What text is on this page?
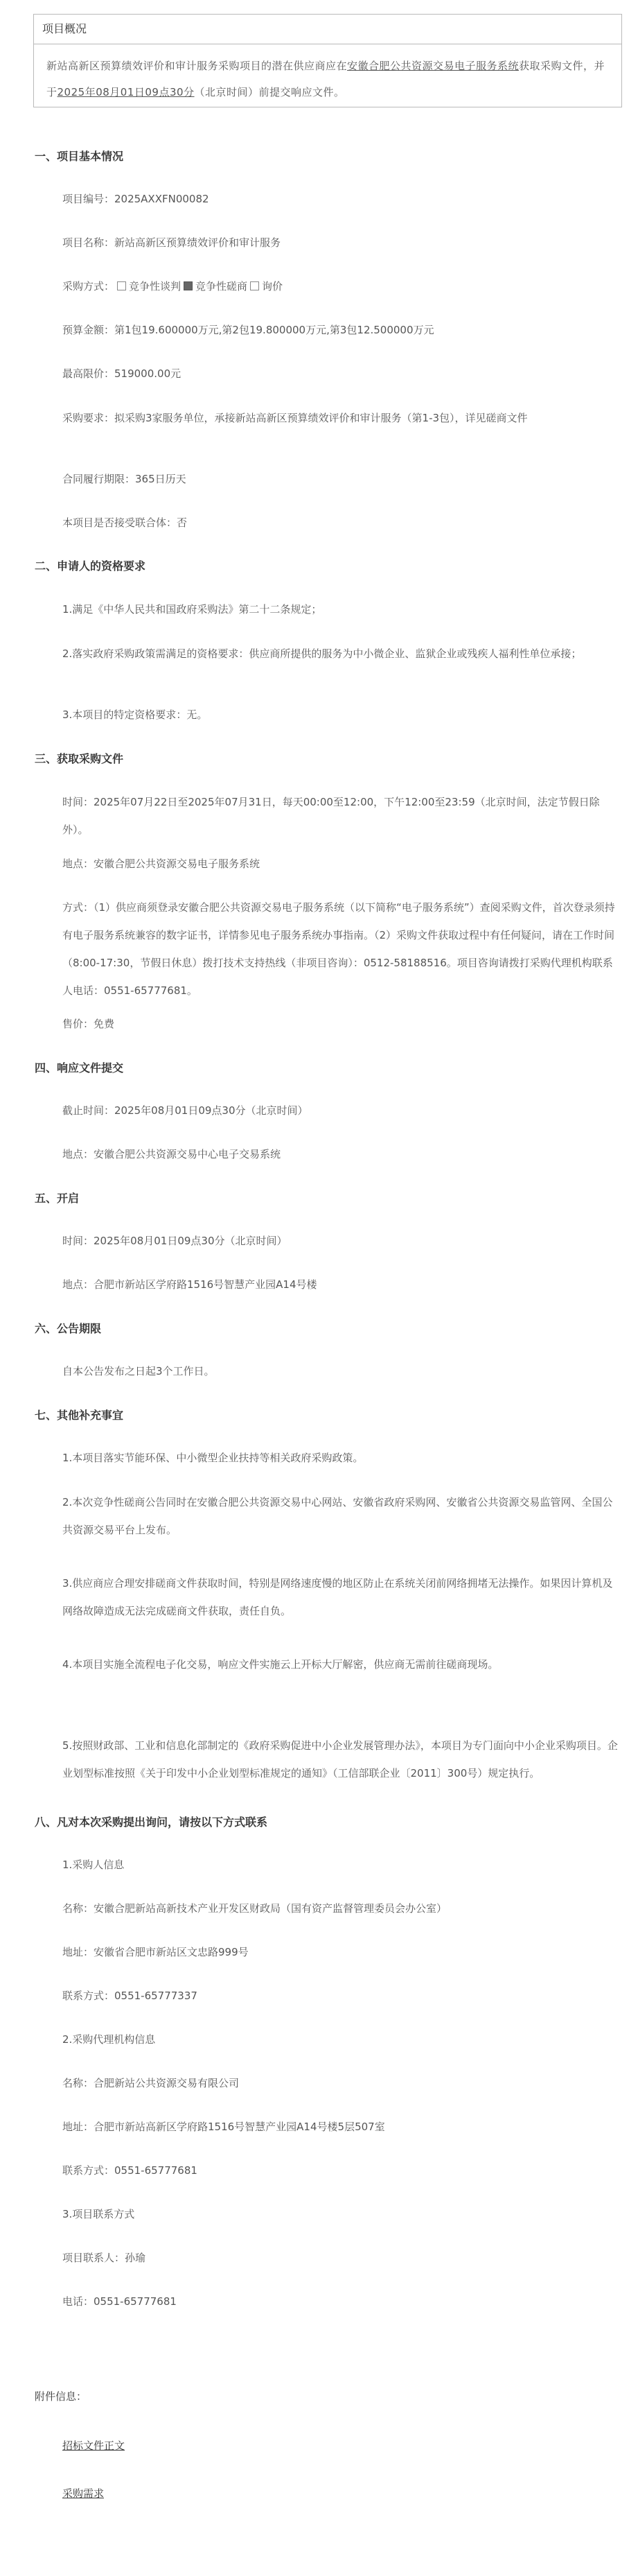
项目概况
新站高新区预算绩效评价和审计服务采购项目的潜在供应商应在安徽合肥公共资源交易电子服务系统获取采购文件，并于2025年08月01日09点30分（北京时间）前提交响应文件。
一、项目基本情况
项目编号：2025AXXFN00082
项目名称：新站高新区预算绩效评价和审计服务
采购方式： 竞争性谈判 竞争性磋商 询价
预算金额：第1包19.600000万元,第2包19.800000万元,第3包12.500000万元
最高限价：519000.00元
采购要求：拟采购3家服务单位，承接新站高新区预算绩效评价和审计服务（第1-3包），详见磋商文件
合同履行期限：365日历天
本项目是否接受联合体：否
二、申请人的资格要求
1.满足《中华人民共和国政府采购法》第二十二条规定；
2.落实政府采购政策需满足的资格要求：供应商所提供的服务为中小微企业、监狱企业或残疾人福利性单位承接；
3.本项目的特定资格要求：无。
三、获取采购文件
时间：2025年07月22日至2025年07月31日，每天00:00至12:00，下午12:00至23:59（北京时间，法定节假日除外）。
地点：安徽合肥公共资源交易电子服务系统
方式：（1）供应商须登录安徽合肥公共资源交易电子服务系统（以下简称“电子服务系统”）查阅采购文件，首次登录须持有电子服务系统兼容的数字证书，详情参见电子服务系统办事指南。（2）采购文件获取过程中有任何疑问，请在工作时间（8:00-17:30，节假日休息）拨打技术支持热线（非项目咨询）：0512-58188516。项目咨询请拨打采购代理机构联系人电话：0551-65777681。
售价：免费
四、响应文件提交
截止时间：2025年08月01日09点30分（北京时间）
地点：安徽合肥公共资源交易中心电子交易系统
五、开启
时间：2025年08月01日09点30分（北京时间）
地点：合肥市新站区学府路1516号智慧产业园A14号楼
六、公告期限
自本公告发布之日起3个工作日。
七、其他补充事宜
1.本项目落实节能环保、中小微型企业扶持等相关政府采购政策。
2.本次竞争性磋商公告同时在安徽合肥公共资源交易中心网站、安徽省政府采购网、安徽省公共资源交易监管网、全国公共资源交易平台上发布。
3.供应商应合理安排磋商文件获取时间，特别是网络速度慢的地区防止在系统关闭前网络拥堵无法操作。如果因计算机及网络故障造成无法完成磋商文件获取，责任自负。
4.本项目实施全流程电子化交易，响应文件实施云上开标大厅解密，供应商无需前往磋商现场。
5.按照财政部、工业和信息化部制定的《政府采购促进中小企业发展管理办法》，本项目为专门面向中小企业采购项目。企业划型标准按照《关于印发中小企业划型标准规定的通知》（工信部联企业〔2011〕300号）规定执行。
八、凡对本次采购提出询问，请按以下方式联系
1.采购人信息
名称：安徽合肥新站高新技术产业开发区财政局（国有资产监督管理委员会办公室）
地址：安徽省合肥市新站区文忠路999号
联系方式：0551-65777337
2.采购代理机构信息
名称：合肥新站公共资源交易有限公司
地址：合肥市新站高新区学府路1516号智慧产业园A14号楼5层507室
联系方式：0551-65777681
3.项目联系方式
项目联系人：孙瑜
电话：0551-65777681
附件信息：
招标文件正文
采购需求
